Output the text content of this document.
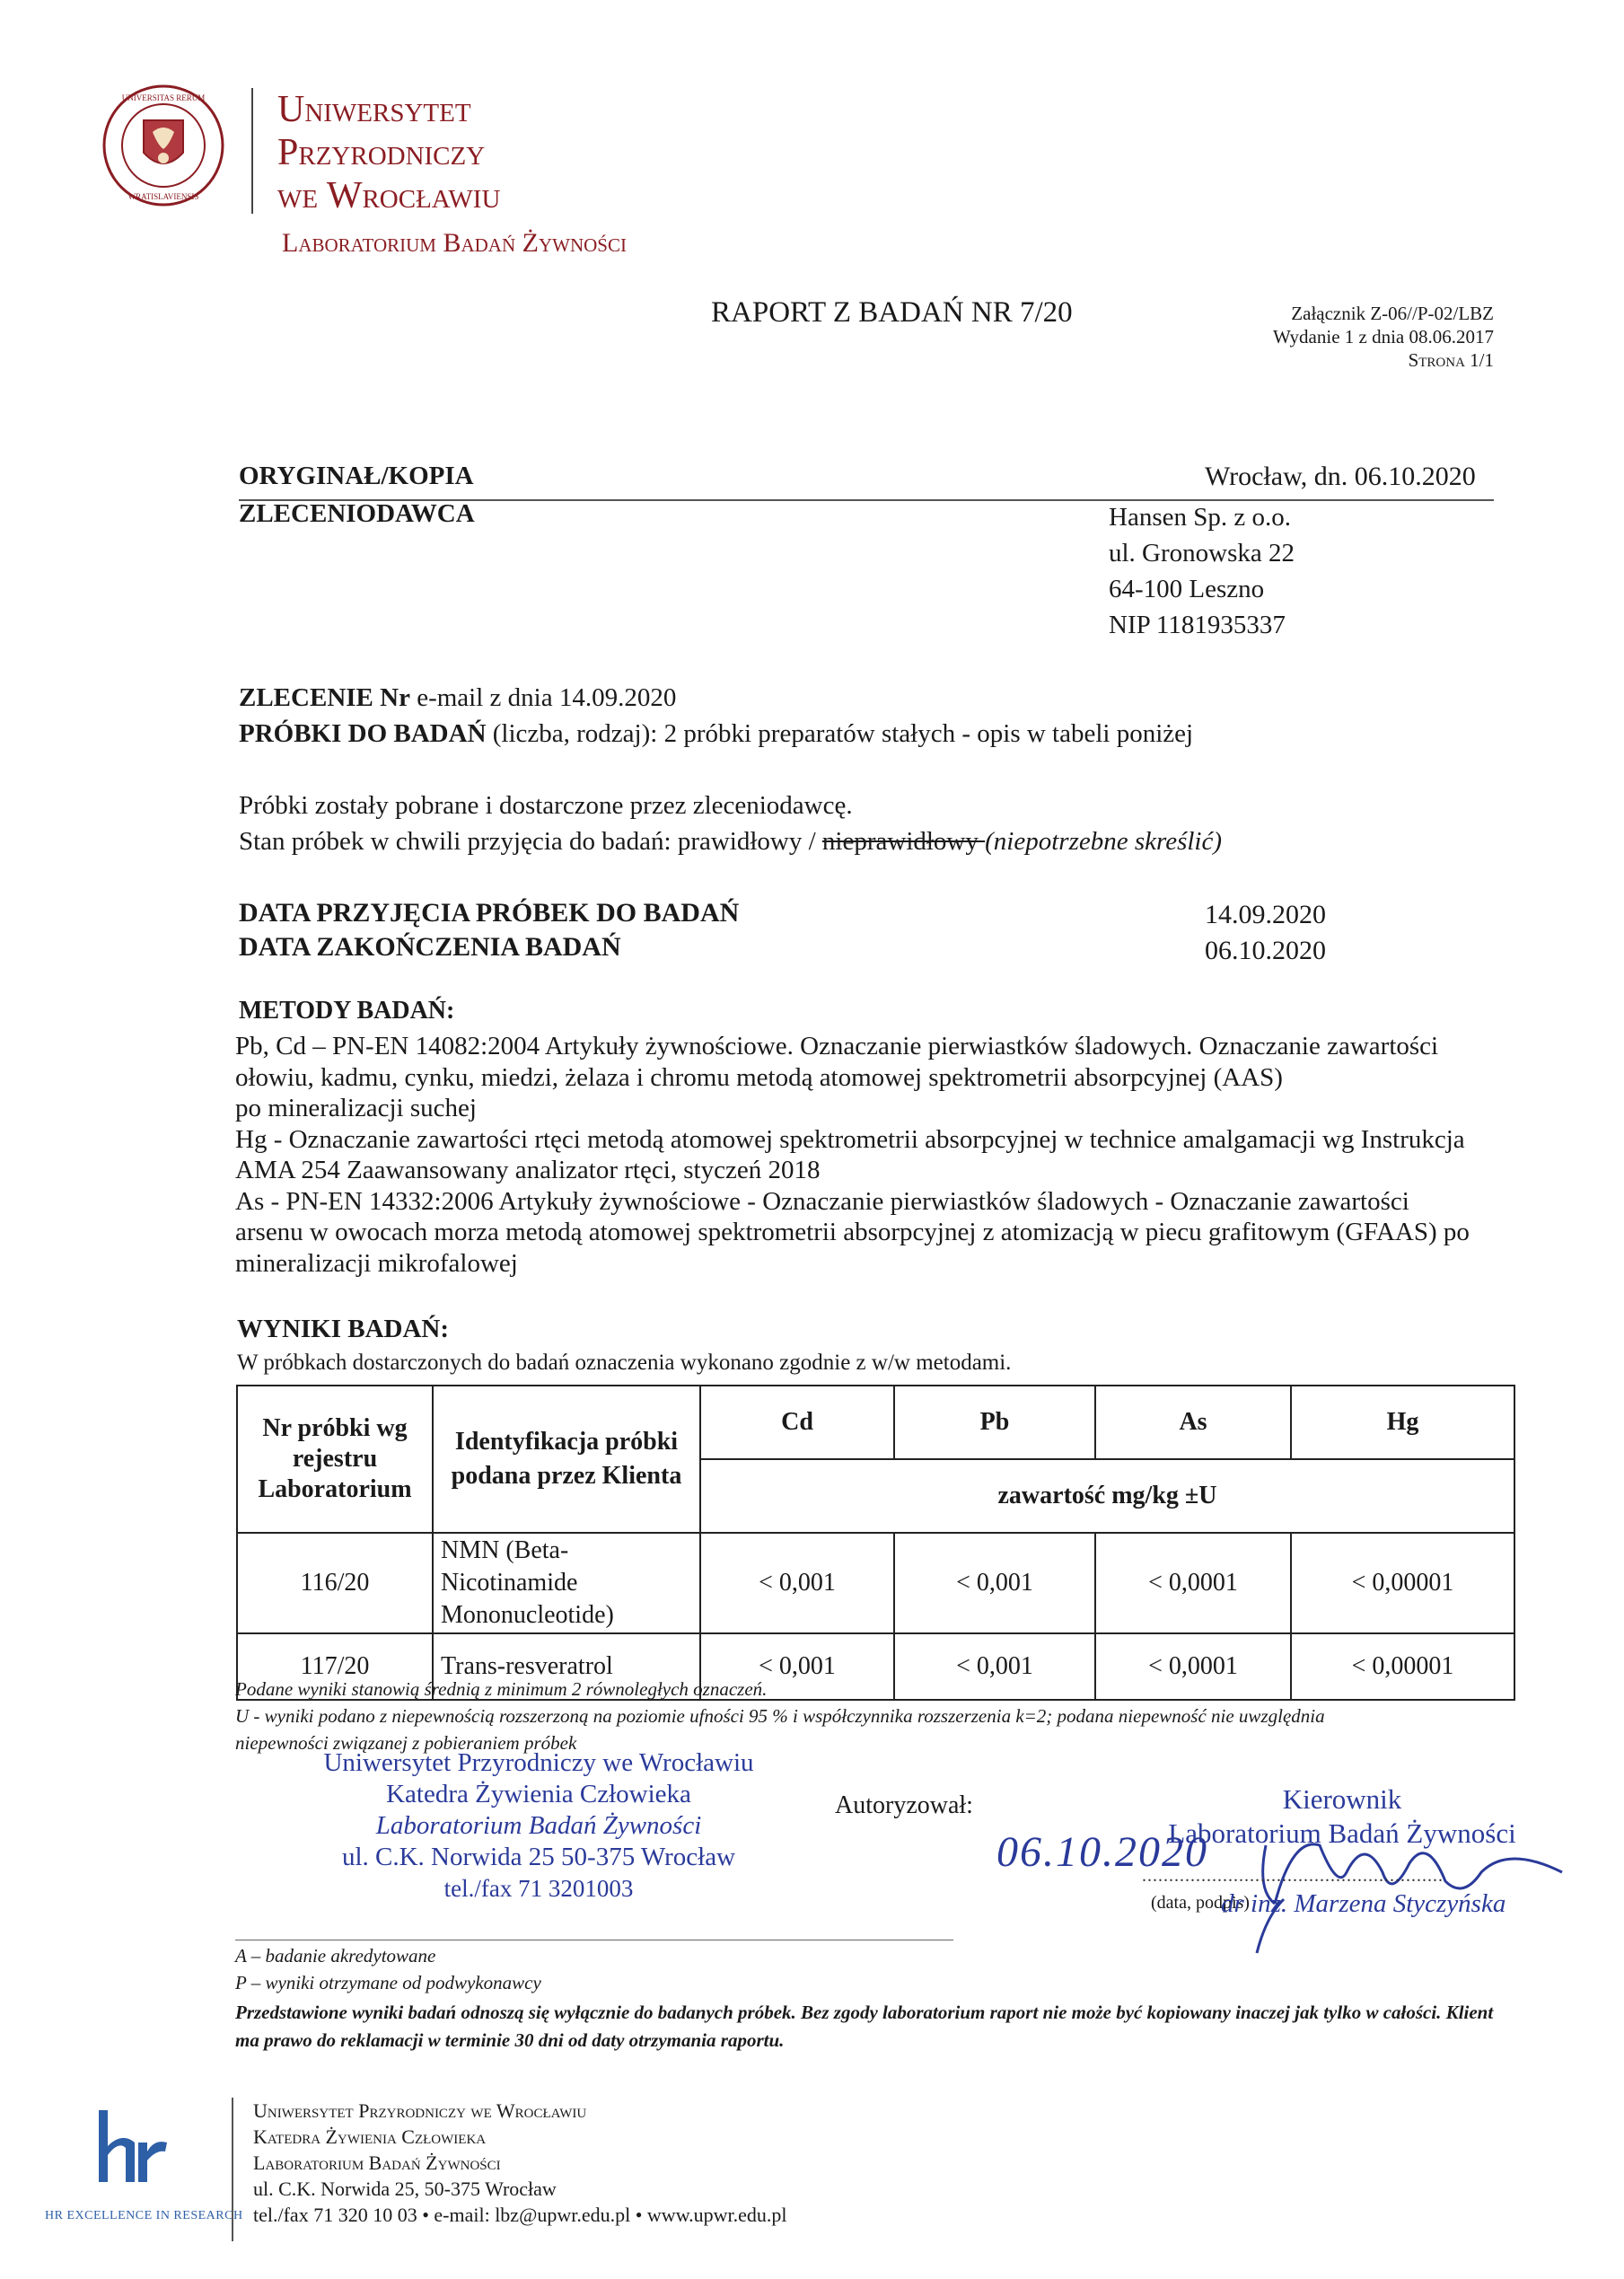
UNIVERSITAS RERUM
WRATISLAVIENSIS
Uniwersytet
Przyrodniczy
we Wrocławiu
Laboratorium Badań Żywności
RAPORT Z BADAŃ NR 7/20	Załącznik Z-06//P-02/LBZ
Wydanie 1 z dnia 08.06.2017
Strona 1/1
ORYGINAŁ/KOPIA	Wrocław, dn. 06.10.2020
ZLECENIODAWCA	Hansen Sp. z o.o.
ul. Gronowska 22
64-100 Leszno
NIP 1181935337
ZLECENIE Nr e-mail z dnia 14.09.2020
PRÓBKI DO BADAŃ (liczba, rodzaj): 2 próbki preparatów stałych - opis w tabeli poniżej
Próbki zostały pobrane i dostarczone przez zleceniodawcę.
Stan próbek w chwili przyjęcia do badań: prawidłowy / nieprawidłowy (niepotrzebne skreślić)
DATA PRZYJĘCIA PRÓBEK DO BADAŃ	14.09.2020
DATA ZAKOŃCZENIA BADAŃ	06.10.2020
METODY BADAŃ:
Pb, Cd – PN-EN 14082:2004 Artykuły żywnościowe. Oznaczanie pierwiastków śladowych. Oznaczanie zawartości
ołowiu, kadmu, cynku, miedzi, żelaza i chromu metodą atomowej spektrometrii absorpcyjnej (AAS)
po mineralizacji suchej
Hg - Oznaczanie zawartości rtęci metodą atomowej spektrometrii absorpcyjnej w technice amalgamacji wg Instrukcja
AMA 254 Zaawansowany analizator rtęci, styczeń 2018
As - PN-EN 14332:2006 Artykuły żywnościowe - Oznaczanie pierwiastków śladowych - Oznaczanie zawartości
arsenu w owocach morza metodą atomowej spektrometrii absorpcyjnej z atomizacją w piecu grafitowym (GFAAS) po
mineralizacji mikrofalowej
WYNIKI BADAŃ:
W próbkach dostarczonych do badań oznaczenia wykonano zgodnie z w/w metodami.
Nr próbki wg rejestru Laboratorium	Identyfikacja próbki podana przez Klienta	Cd	Pb	As	Hg
		zawartość mg/kg ±U			
116/20	NMN (Beta-Nicotinamide Mononucleotide)	< 0,001	< 0,001	< 0,0001	< 0,00001
117/20	Trans-resveratrol	< 0,001	< 0,001	< 0,0001	< 0,00001
Podane wyniki stanowią średnią z minimum 2 równoległych oznaczeń.
U - wyniki podano z niepewnością rozszerzoną na poziomie ufności 95 % i współczynnika rozszerzenia k=2; podana niepewność nie uwzględnia
niepewności związanej z pobieraniem próbek
Uniwersytet Przyrodniczy we Wrocławiu
Katedra Żywienia Człowieka
Laboratorium Badań Żywności
ul. C.K. Norwida 25 50-375 Wrocław
tel./fax 71 3201003
Autoryzował:	Kierownik
Laboratorium Badań Żywności
06.10.2020
........................................................
(data, podpis)
dr inż. Marzena Styczyńska
A – badanie akredytowane
P – wyniki otrzymane od podwykonawcy
Przedstawione wyniki badań odnoszą się wyłącznie do badanych próbek. Bez zgody laboratorium raport nie może być kopiowany inaczej jak tylko w całości. Klient ma prawo do reklamacji w terminie 30 dni od daty otrzymania raportu.
HR EXCELLENCE IN RESEARCH
Uniwersytet Przyrodniczy we Wrocławiu
Katedra Żywienia Człowieka
Laboratorium Badań Żywności
ul. C.K. Norwida 25, 50-375 Wrocław
tel./fax 71 320 10 03 • e-mail: lbz@upwr.edu.pl • www.upwr.edu.pl
